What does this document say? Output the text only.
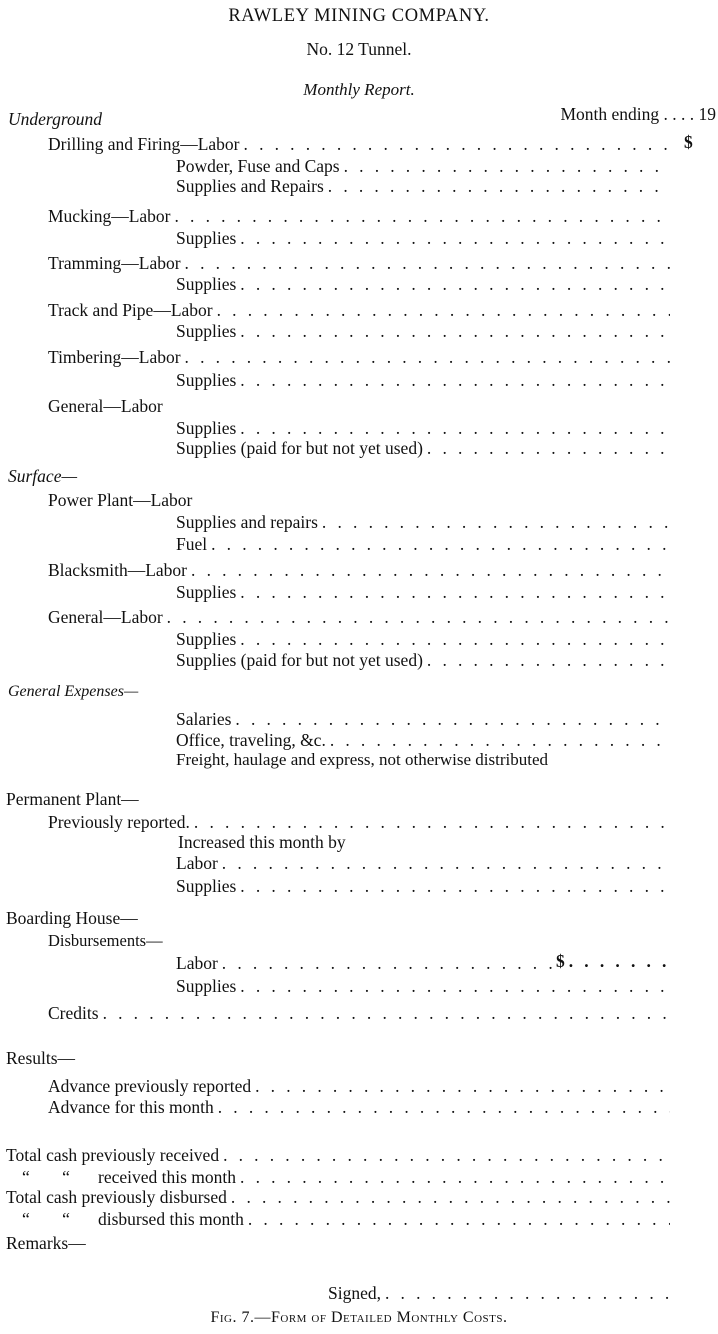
RAWLEY MINING COMPANY.
No. 12 Tunnel.
Monthly Report.
Underground	Month ending . . . . 19
Drilling and Firing—Labor . . .	$
Powder, Fuse and Caps . . .
Supplies and Repairs . . .
Mucking—Labor . . .
Supplies . . .
Tramming—Labor . . .
Supplies . . .
Track and Pipe—Labor . . .
Supplies . . .
Timbering—Labor . . .
Supplies . . .
General—Labor
Supplies . . .
Supplies (paid for but not yet used) . . .
Surface—
Power Plant—Labor
Supplies and repairs . . .
Fuel . . .
Blacksmith—Labor . . .
Supplies . . .
General—Labor . . .
Supplies . . .
Supplies (paid for but not yet used) . . .
General Expenses—
Salaries . . .
Office, traveling, &c. . . .
Freight, haulage and express, not otherwise distributed
Permanent Plant—
Previously reported. . . .
Increased this month by
Labor . . .
Supplies . . .
Boarding House—
Disbursements—
Labor . . .	$ . . .
Supplies . . .
Credits . . .
Results—
Advance previously reported . . .
Advance for this month . . .
Total cash previously received . . .
“ “ received this month . . .
Total cash previously disbursed . . .
“ “ disbursed this month . . .
Remarks—
Signed, . . .
Fig. 7.—Form of Detailed Monthly Costs.
